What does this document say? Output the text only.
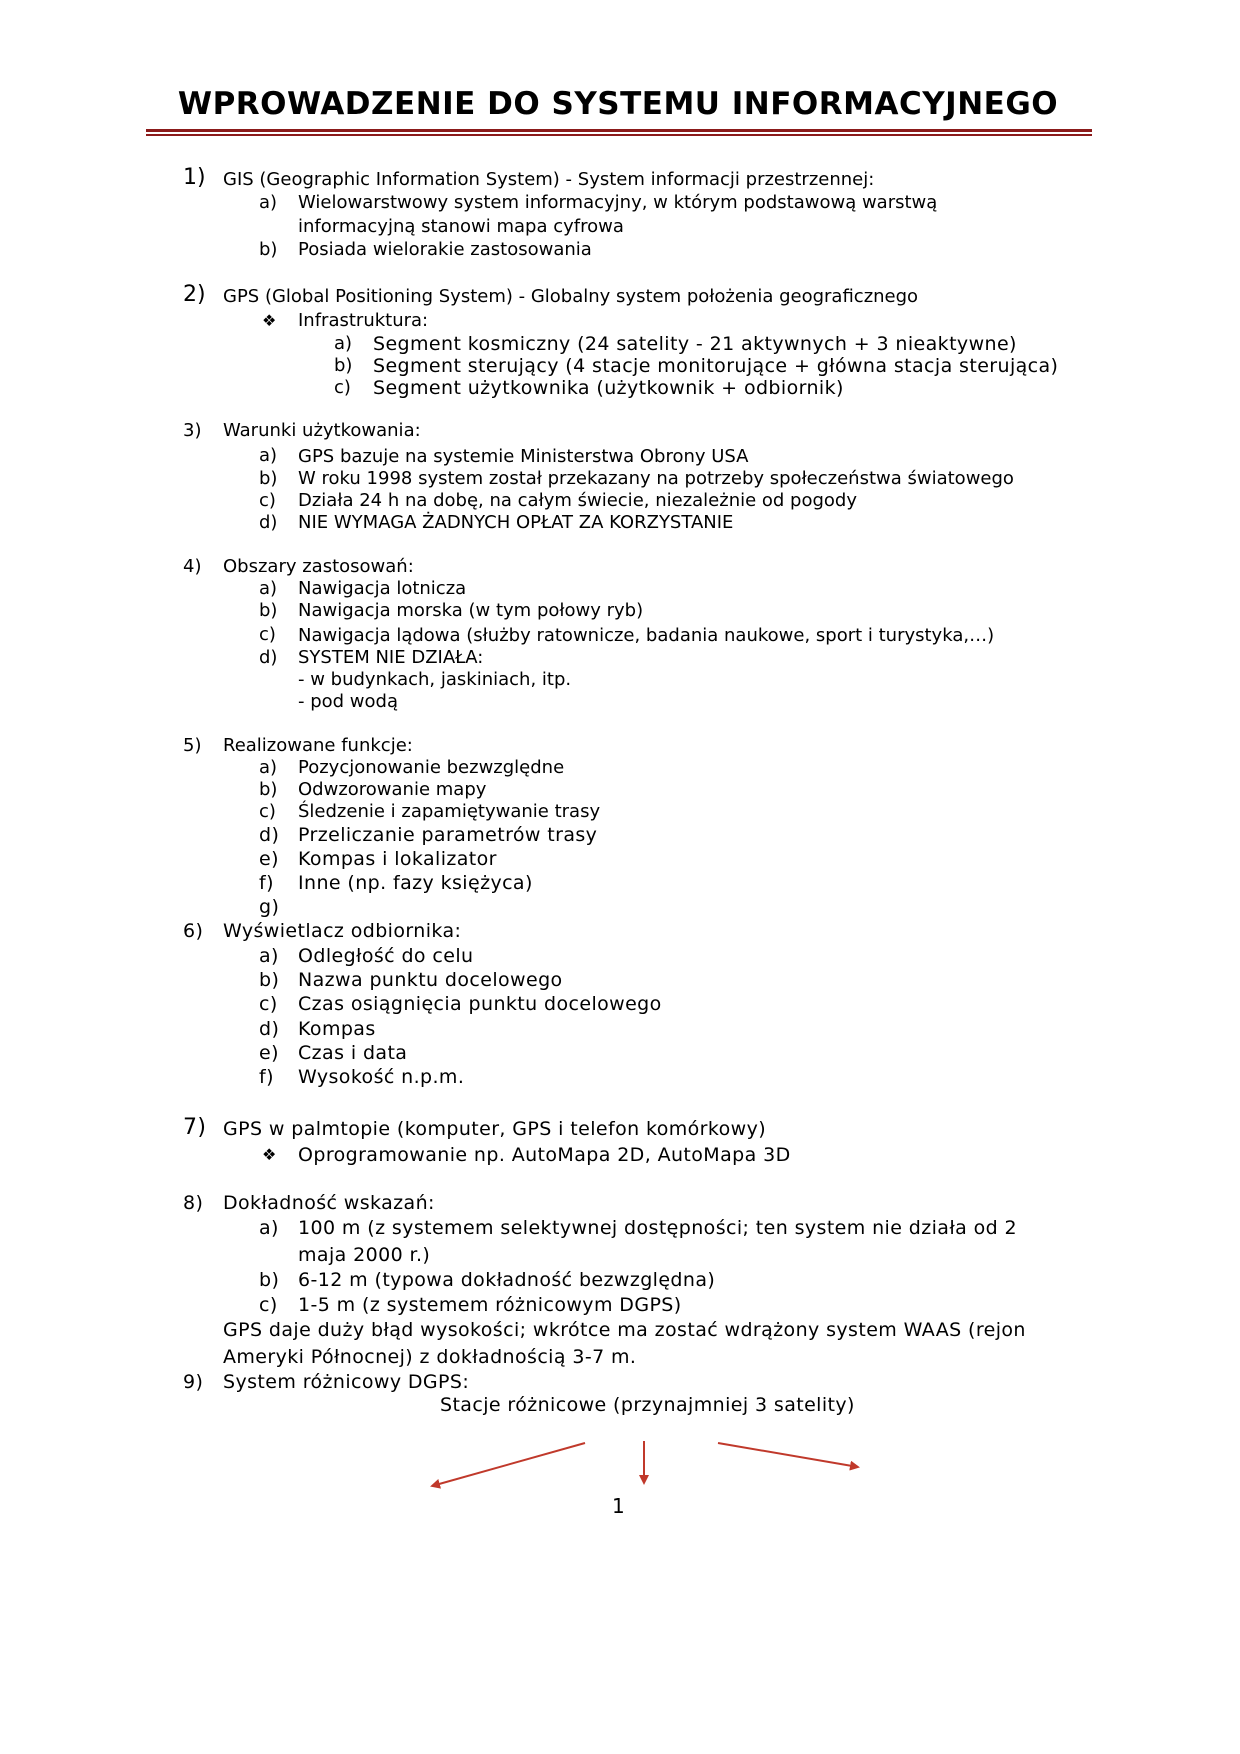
WPROWADZENIE DO SYSTEMU INFORMACYJNEGO
1) GIS (Geographic Information System) - System informacji przestrzennej:
a) Wielowarstwowy system informacyjny, w którym podstawową warstwą
informacyjną stanowi mapa cyfrowa
b) Posiada wielorakie zastosowania
2) GPS (Global Positioning System) - Globalny system położenia geograficznego
❖ Infrastruktura:
a) Segment kosmiczny (24 satelity - 21 aktywnych + 3 nieaktywne)
b) Segment sterujący (4 stacje monitorujące + główna stacja sterująca)
c) Segment użytkownika (użytkownik + odbiornik)
3) Warunki użytkowania:
a) GPS bazuje na systemie Ministerstwa Obrony USA
b) W roku 1998 system został przekazany na potrzeby społeczeństwa światowego
c) Działa 24 h na dobę, na całym świecie, niezależnie od pogody
d) NIE WYMAGA ŻADNYCH OPŁAT ZA KORZYSTANIE
4) Obszary zastosowań:
a) Nawigacja lotnicza
b) Nawigacja morska (w tym połowy ryb)
c) Nawigacja lądowa (służby ratownicze, badania naukowe, sport i turystyka,…)
d) SYSTEM NIE DZIAŁA:
- w budynkach, jaskiniach, itp.
- pod wodą
5) Realizowane funkcje:
a) Pozycjonowanie bezwzględne
b) Odwzorowanie mapy
c) Śledzenie i zapamiętywanie trasy
d) Przeliczanie parametrów trasy
e) Kompas i lokalizator
f) Inne (np. fazy księżyca)
g)
6) Wyświetlacz odbiornika:
a) Odległość do celu
b) Nazwa punktu docelowego
c) Czas osiągnięcia punktu docelowego
d) Kompas
e) Czas i data
f) Wysokość n.p.m.
7) GPS w palmtopie (komputer, GPS i telefon komórkowy)
❖ Oprogramowanie np. AutoMapa 2D, AutoMapa 3D
8) Dokładność wskazań:
a) 100 m (z systemem selektywnej dostępności; ten system nie działa od 2
maja 2000 r.)
b) 6-12 m (typowa dokładność bezwzględna)
c) 1-5 m (z systemem różnicowym DGPS)
GPS daje duży błąd wysokości; wkrótce ma zostać wdrążony system WAAS (rejon
Ameryki Północnej) z dokładnością 3-7 m.
9) System różnicowy DGPS:
Stacje różnicowe (przynajmniej 3 satelity)
1
